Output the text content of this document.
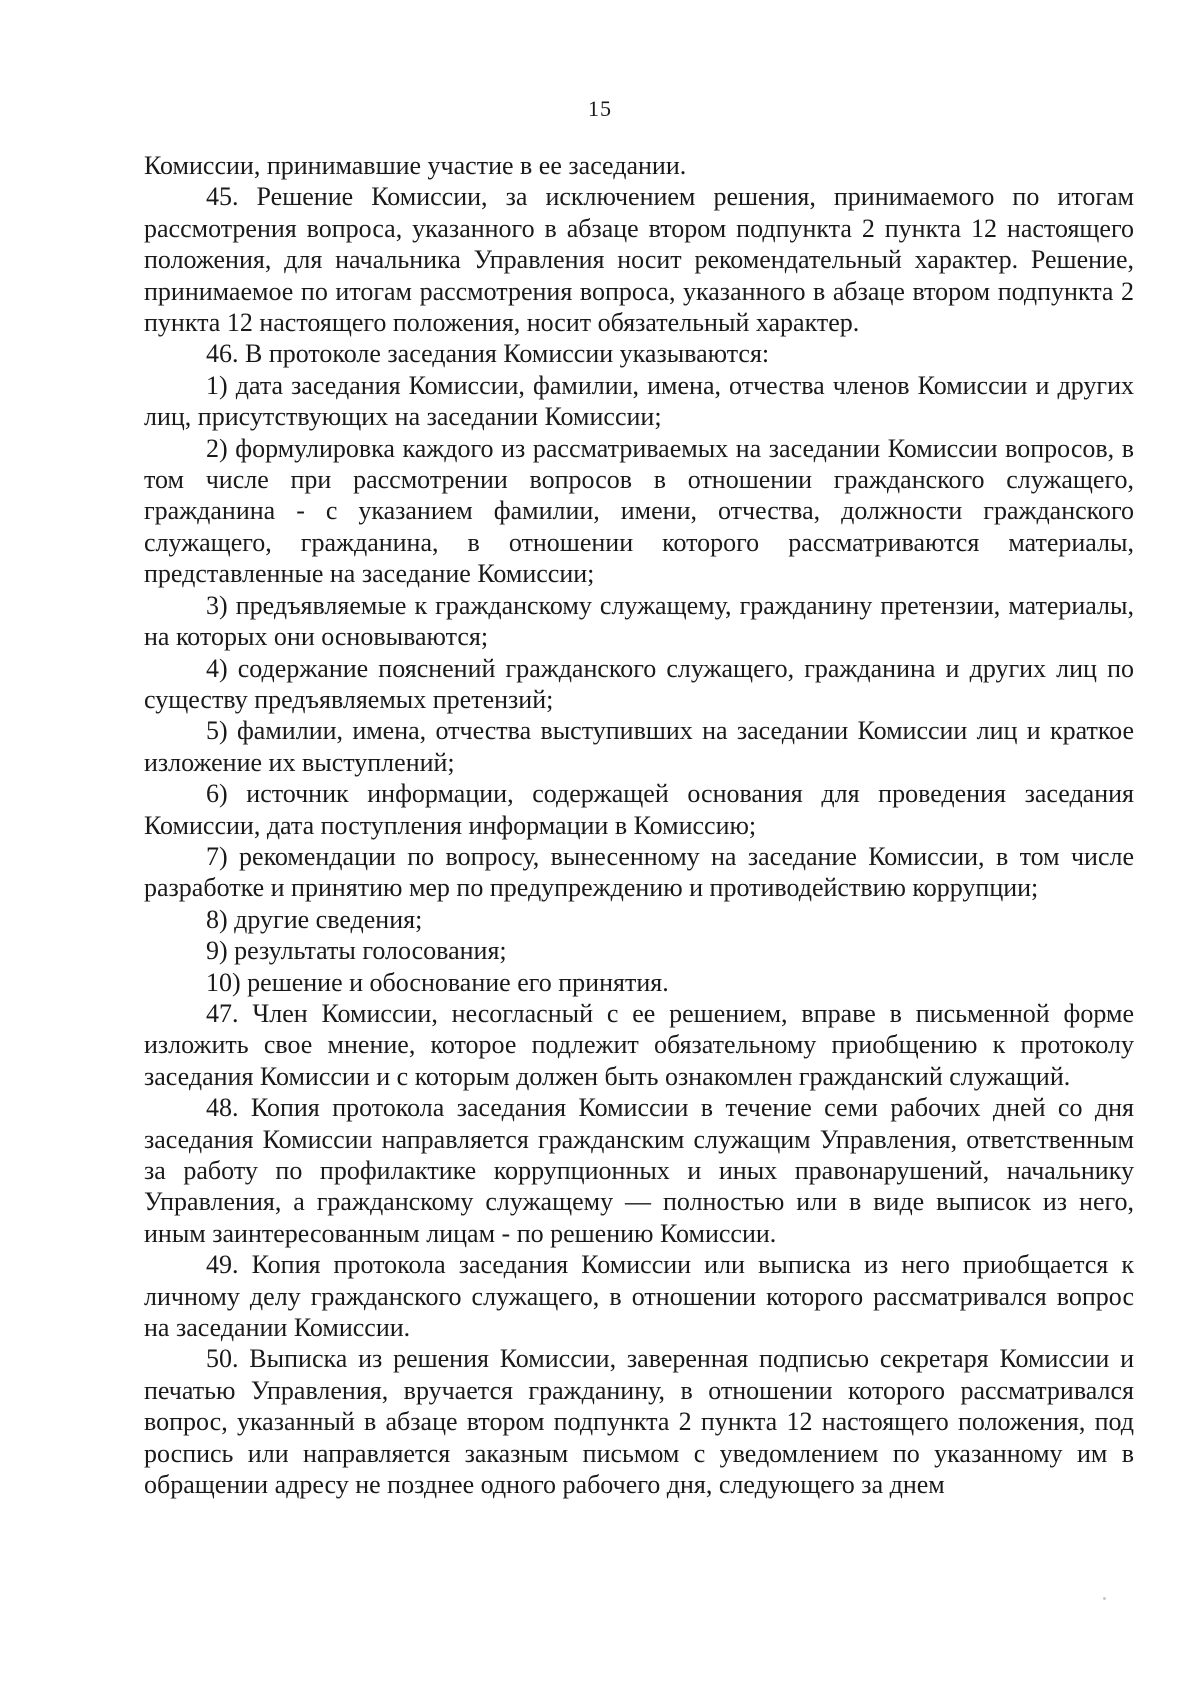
15

Комиссии, принимавшие участие в ее заседании.

45. Решение Комиссии, за исключением решения, принимаемого по итогам рассмотрения вопроса, указанного в абзаце втором подпункта 2 пункта 12 настоящего положения, для начальника Управления носит рекомендательный характер. Решение, принимаемое по итогам рассмотрения вопроса, указанного в абзаце втором подпункта 2 пункта 12 настоящего положения, носит обязательный характер.

46. В протоколе заседания Комиссии указываются:

1) дата заседания Комиссии, фамилии, имена, отчества членов Комиссии и других лиц, присутствующих на заседании Комиссии;

2) формулировка каждого из рассматриваемых на заседании Комиссии вопросов, в том числе при рассмотрении вопросов в отношении гражданского служащего, гражданина - с указанием фамилии, имени, отчества, должности гражданского служащего, гражданина, в отношении которого рассматриваются материалы, представленные на заседание Комиссии;

3) предъявляемые к гражданскому служащему, гражданину претензии, материалы, на которых они основываются;

4) содержание пояснений гражданского служащего, гражданина и других лиц по существу предъявляемых претензий;

5) фамилии, имена, отчества выступивших на заседании Комиссии лиц и краткое изложение их выступлений;

6) источник информации, содержащей основания для проведения заседания Комиссии, дата поступления информации в Комиссию;

7) рекомендации по вопросу, вынесенному на заседание Комиссии, в том числе разработке и принятию мер по предупреждению и противодействию коррупции;

8) другие сведения;

9) результаты голосования;

10) решение и обоснование его принятия.

47. Член Комиссии, несогласный с ее решением, вправе в письменной форме изложить свое мнение, которое подлежит обязательному приобщению к протоколу заседания Комиссии и с которым должен быть ознакомлен гражданский служащий.

48. Копия протокола заседания Комиссии в течение семи рабочих дней со дня заседания Комиссии направляется гражданским служащим Управления, ответственным за работу по профилактике коррупционных и иных правонарушений, начальнику Управления, а гражданскому служащему — полностью или в виде выписок из него, иным заинтересованным лицам - по решению Комиссии.

49. Копия протокола заседания Комиссии или выписка из него приобщается к личному делу гражданского служащего, в отношении которого рассматривался вопрос на заседании Комиссии.

50. Выписка из решения Комиссии, заверенная подписью секретаря Комиссии и печатью Управления, вручается гражданину, в отношении которого рассматривался вопрос, указанный в абзаце втором подпункта 2 пункта 12 настоящего положения, под роспись или направляется заказным письмом с уведомлением по указанному им в обращении адресу не позднее одного рабочего дня, следующего за днем
